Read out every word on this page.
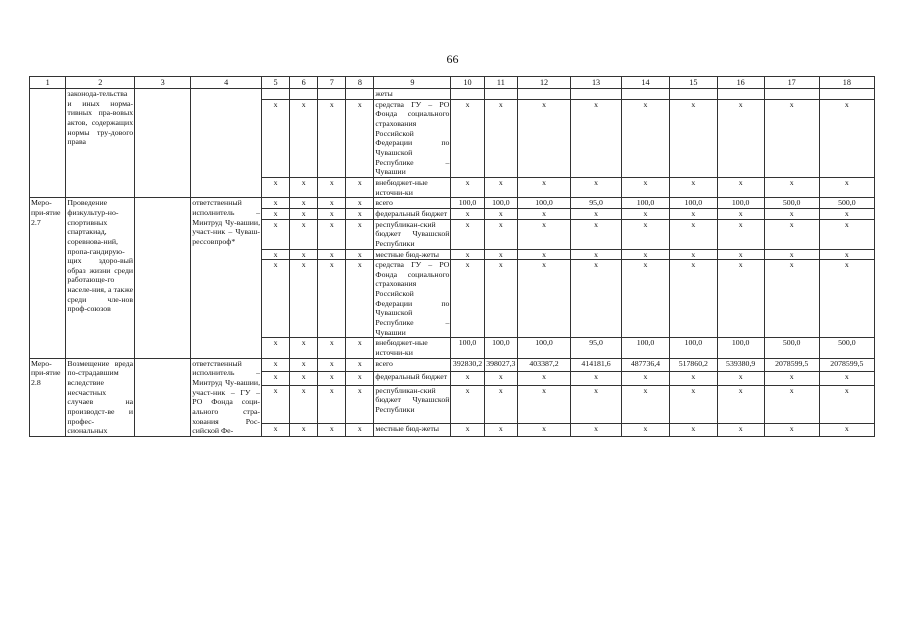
66
1	2	3	4	5	6	7	8	9	10	11	12	13	14	15	16	17	18
	законода-тельства и иных норма-тивных пра-вовых актов, содержащих нормы тру-дового права							жеты									
				x	x	x	x	средства ГУ – РО Фонда социального страхования Российской Федерации по Чувашской Республике – Чувашии	x	x	x	x	x	x	x	x	x
				x	x	x	x	внебюджет-ные источни-ки	x	x	x	x	x	x	x	x	x
Меро-при-ятие 2.7	Проведение физкультур-но-спортивных спартакиад, соревнова-ний, пропа-гандирую-щих здоро-вый образ жизни среди работающе-го населе-ния, а также среди чле-нов проф-союзов		ответственный исполнитель – Минтруд Чу-вашии, участ-ник – Чуваш-рессовпроф*	x	x	x	x	всего	100,0	100,0	100,0	95,0	100,0	100,0	100,0	500,0	500,0
				x	x	x	x	федеральный бюджет	x	x	x	x	x	x	x	x	x
				x	x	x	x	республикан-ский бюджет Чувашской Республики	x	x	x	x	x	x	x	x	x
				x	x	x	x	местные бюд-жеты	x	x	x	x	x	x	x	x	x
				x	x	x	x	средства ГУ – РО Фонда социального страхования Российской Федерации по Чувашской Республике – Чувашии	x	x	x	x	x	x	x	x	x
				x	x	x	x	внебюджет-ные источни-ки	100,0	100,0	100,0	95,0	100,0	100,0	100,0	500,0	500,0
Меро-при-ятие 2.8	Возмещение вреда по-страдавшим вследствие несчастных случаев на производст-ве и профес-сиональных		ответственный исполнитель – Минтруд Чу-вашии, участ-ник – ГУ – РО Фонда соци-ального стра-хования Рос-сийской Фе-	x	x	x	x	всего	392830,2	398027,3	403387,2	414181,6	487736,4	517860,2	539380,9	2078599,5	2078599,5
				x	x	x	x	федеральный бюджет	x	x	x	x	x	x	x	x	x
				x	x	x	x	республикан-ский бюджет Чувашской Республики	x	x	x	x	x	x	x	x	x
				x	x	x	x	местные бюд-жеты	x	x	x	x	x	x	x	x	x
